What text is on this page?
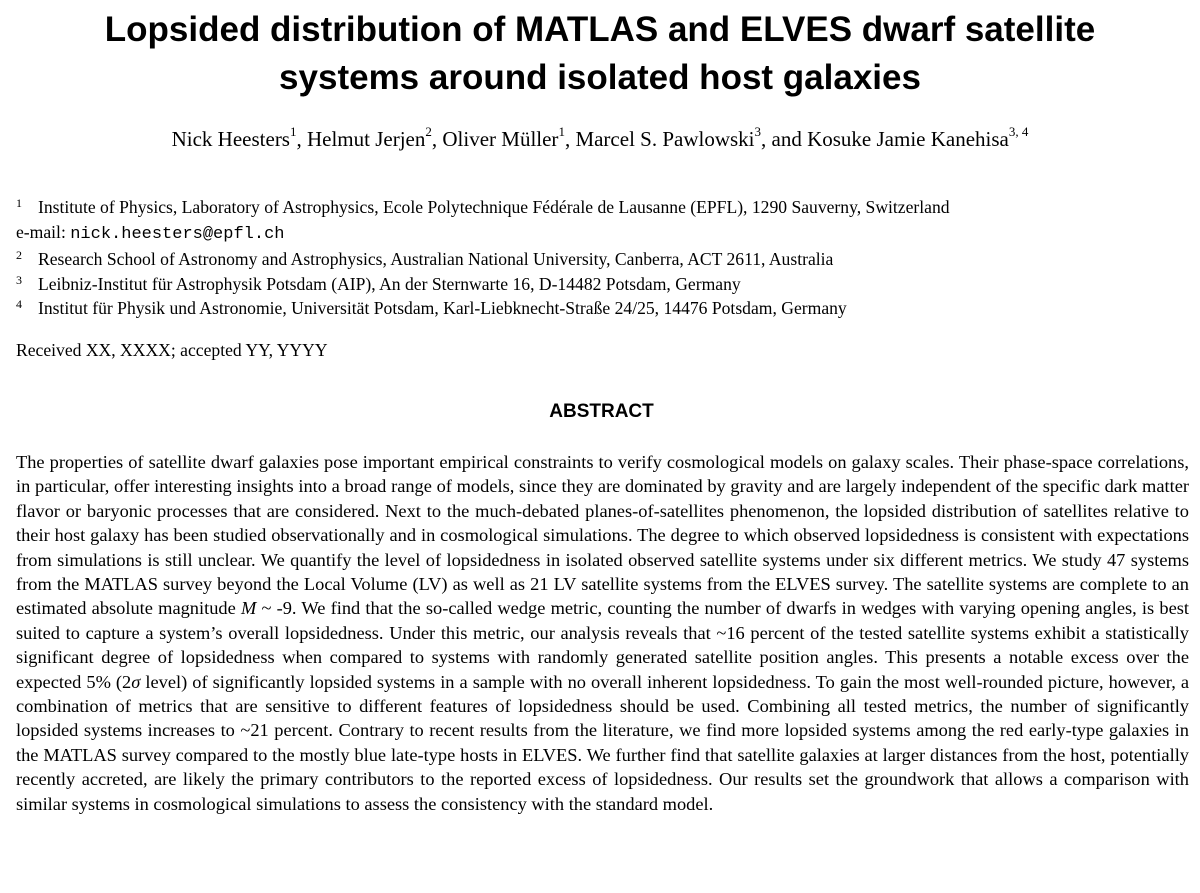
Lopsided distribution of MATLAS and ELVES dwarf satellite
systems around isolated host galaxies
Nick Heesters$^1$, Helmut Jerjen$^2$, Oliver Müller$^1$, Marcel S. Pawlowski$^3$, and Kosuke Jamie Kanehisa$^{3, 4}$
1 Institute of Physics, Laboratory of Astrophysics, Ecole Polytechnique Fédérale de Lausanne (EPFL), 1290 Sauverny, Switzerland
e-mail: nick.heesters@epfl.ch
2 Research School of Astronomy and Astrophysics, Australian National University, Canberra, ACT 2611, Australia
3 Leibniz-Institut für Astrophysik Potsdam (AIP), An der Sternwarte 16, D-14482 Potsdam, Germany
4 Institut für Physik und Astronomie, Universität Potsdam, Karl-Liebknecht-Straße 24/25, 14476 Potsdam, Germany
Received XX, XXXX; accepted YY, YYYY
ABSTRACT

The properties of satellite dwarf galaxies pose important empirical constraints to verify cosmological models on galaxy scales. Their phase-space correlations, in particular, offer interesting insights into a broad range of models, since they are dominated by gravity and are largely independent of the specific dark matter flavor or baryonic processes that are considered. Next to the much-debated planes-of-satellites phenomenon, the lopsided distribution of satellites relative to their host galaxy has been studied observationally and in cosmological simulations. The degree to which observed lopsidedness is consistent with expectations from simulations is still unclear. We quantify the level of lopsidedness in isolated observed satellite systems under six different metrics. We study 47 systems from the MATLAS survey beyond the Local Volume (LV) as well as 21 LV satellite systems from the ELVES survey. The satellite systems are complete to an estimated absolute magnitude M ~ -9. We find that the so-called wedge metric, counting the number of dwarfs in wedges with varying opening angles, is best suited to capture a system’s overall lopsidedness. Under this metric, our analysis reveals that ~16 percent of the tested satellite systems exhibit a statistically significant degree of lopsidedness when compared to systems with randomly generated satellite position angles. This presents a notable excess over the expected 5% (2σ level) of significantly lopsided systems in a sample with no overall inherent lopsidedness. To gain the most well-rounded picture, however, a combination of metrics that are sensitive to different features of lopsidedness should be used. Combining all tested metrics, the number of significantly lopsided systems increases to ~21 percent. Contrary to recent results from the literature, we find more lopsided systems among the red early-type galaxies in the MATLAS survey compared to the mostly blue late-type hosts in ELVES. We further find that satellite galaxies at larger distances from the host, potentially recently accreted, are likely the primary contributors to the reported excess of lopsidedness. Our results set the groundwork that allows a comparison with similar systems in cosmological simulations to assess the consistency with the standard model.
